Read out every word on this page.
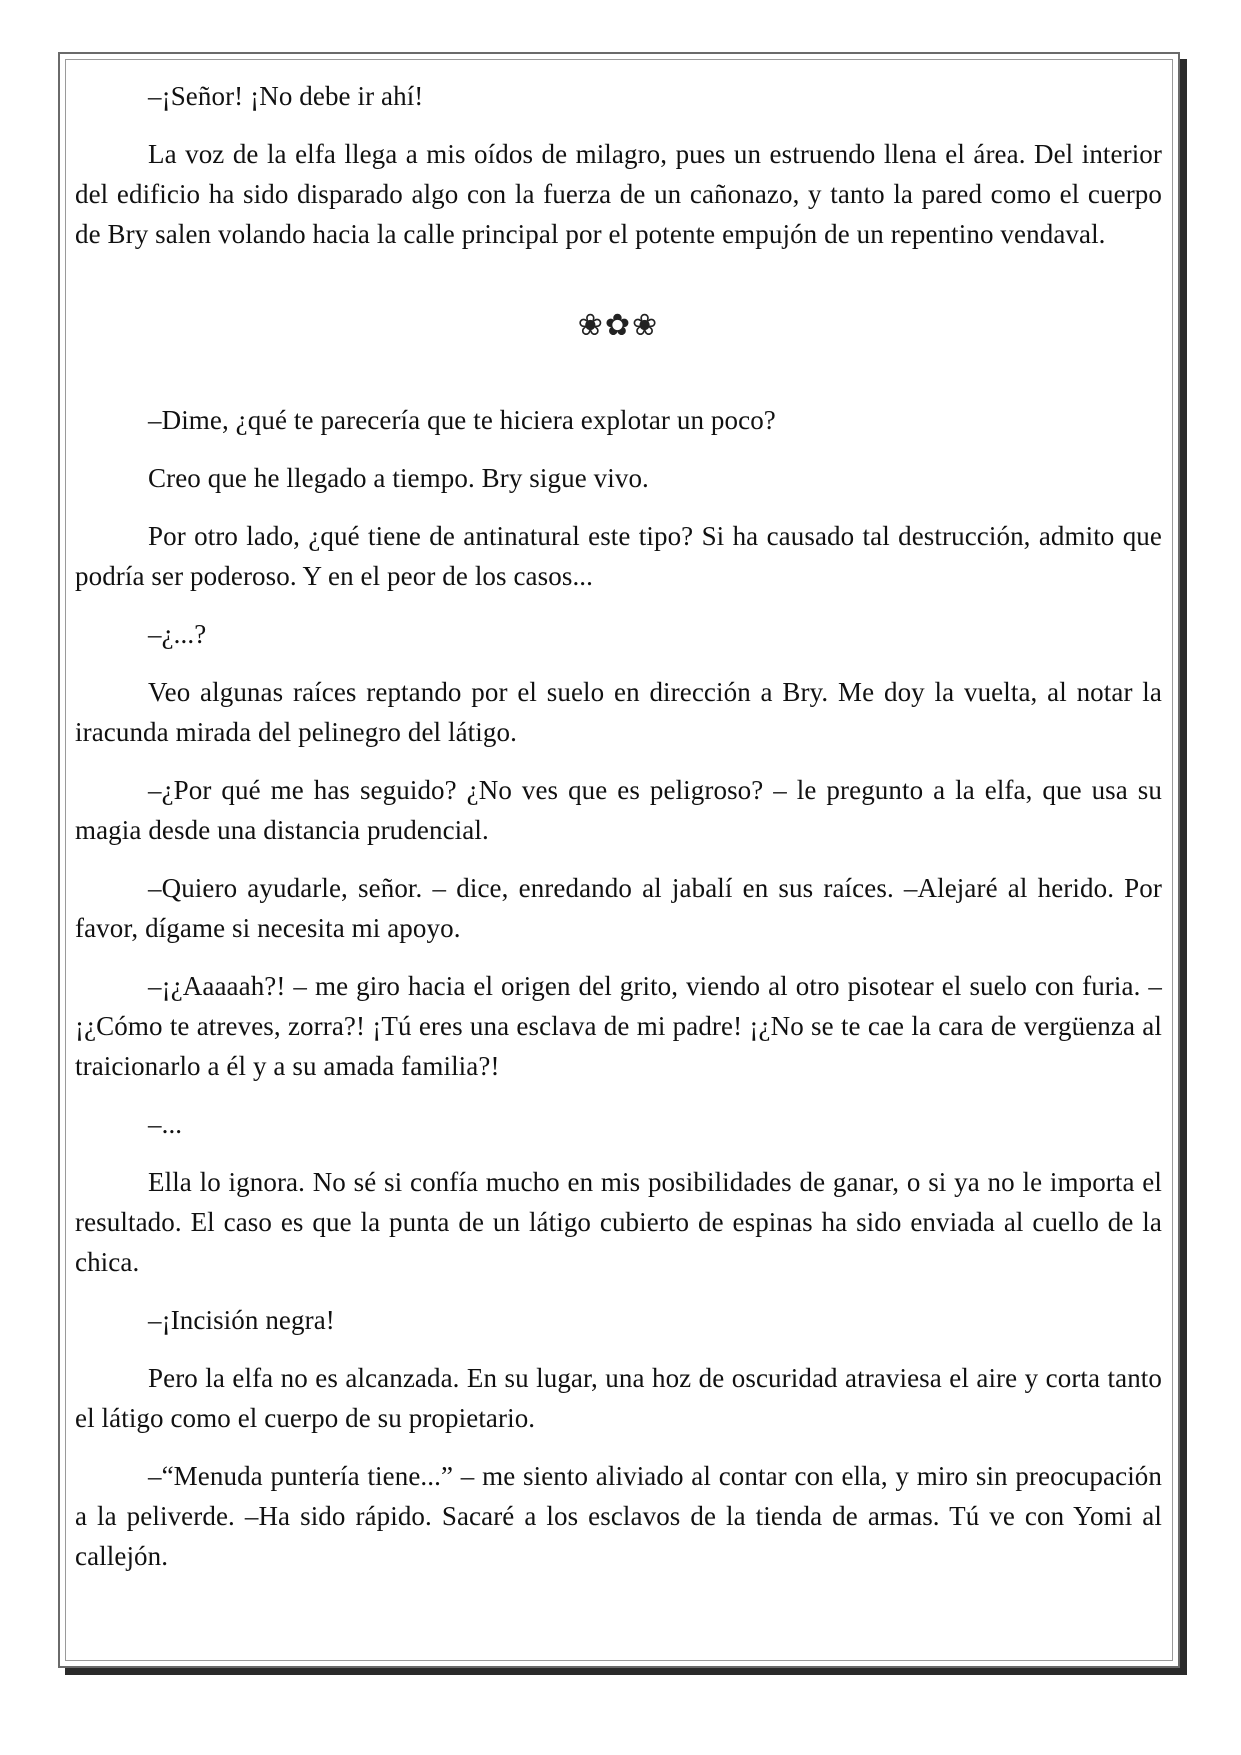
–¡Señor! ¡No debe ir ahí!

La voz de la elfa llega a mis oídos de milagro, pues un estruendo llena el área. Del interior del edificio ha sido disparado algo con la fuerza de un cañonazo, y tanto la pared como el cuerpo de Bry salen volando hacia la calle principal por el potente empujón de un repentino vendaval.

❀✿❀

–Dime, ¿qué te parecería que te hiciera explotar un poco?

Creo que he llegado a tiempo. Bry sigue vivo.

Por otro lado, ¿qué tiene de antinatural este tipo? Si ha causado tal destrucción, admito que podría ser poderoso. Y en el peor de los casos...

–¿...?

Veo algunas raíces reptando por el suelo en dirección a Bry. Me doy la vuelta, al notar la iracunda mirada del pelinegro del látigo.

–¿Por qué me has seguido? ¿No ves que es peligroso? – le pregunto a la elfa, que usa su magia desde una distancia prudencial.

–Quiero ayudarle, señor. – dice, enredando al jabalí en sus raíces. –Alejaré al herido. Por favor, dígame si necesita mi apoyo.

–¡¿Aaaaah?! – me giro hacia el origen del grito, viendo al otro pisotear el suelo con furia. –¡¿Cómo te atreves, zorra?! ¡Tú eres una esclava de mi padre! ¡¿No se te cae la cara de vergüenza al traicionarlo a él y a su amada familia?!

–...

Ella lo ignora. No sé si confía mucho en mis posibilidades de ganar, o si ya no le importa el resultado. El caso es que la punta de un látigo cubierto de espinas ha sido enviada al cuello de la chica.

–¡Incisión negra!

Pero la elfa no es alcanzada. En su lugar, una hoz de oscuridad atraviesa el aire y corta tanto el látigo como el cuerpo de su propietario.

–“Menuda puntería tiene...” – me siento aliviado al contar con ella, y miro sin preocupación a la peliverde. –Ha sido rápido. Sacaré a los esclavos de la tienda de armas. Tú ve con Yomi al callejón.
